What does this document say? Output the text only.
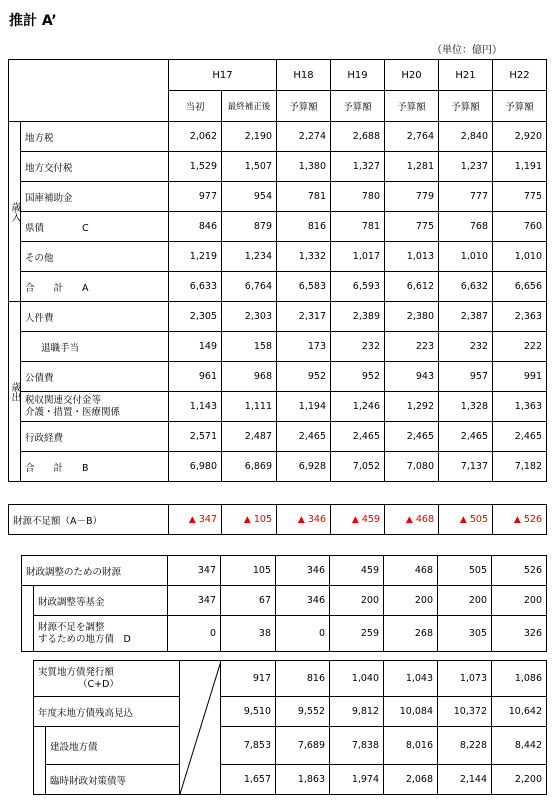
推計 A’
（単位：億円）
		H17		H18	H19	H20	H21	H22
		当初	最終補正後	予算額	予算額	予算額	予算額	予算額
歳入	地方税	2,062	2,190	2,274	2,688	2,764	2,840	2,920
	地方交付税	1,529	1,507	1,380	1,327	1,281	1,237	1,191
	国庫補助金	977	954	781	780	779	777	775
	県債　　　　C	846	879	816	781	775	768	760
	その他	1,219	1,234	1,332	1,017	1,013	1,010	1,010
	合　　計　　A	6,633	6,764	6,583	6,593	6,612	6,632	6,656
歳出	人件費	2,305	2,303	2,317	2,389	2,380	2,387	2,363
	退職手当	149	158	173	232	223	232	222
	公債費	961	968	952	952	943	957	991
	税収関連交付金等
介護・措置・医療関係	1,143	1,111	1,194	1,246	1,292	1,328	1,363
	行政経費	2,571	2,487	2,465	2,465	2,465	2,465	2,465
	合　　計　　B	6,980	6,869	6,928	7,052	7,080	7,137	7,182
財源不足額（A－B）	▲ 347	▲ 105	▲ 346	▲ 459	▲ 468	▲ 505	▲ 526
財政調整のための財源		347	105	346	459	468	505	526
	財政調整等基金	347	67	346	200	200	200	200
	財源不足を調整
するための地方債　D	0	38	0	259	268	305	326
実質地方債発行額
（C+D）			917	816	1,040	1,043	1,073	1,086
年度末地方債残高見込			9,510	9,552	9,812	10,084	10,372	10,642
	建設地方債		7,853	7,689	7,838	8,016	8,228	8,442
	臨時財政対策債等		1,657	1,863	1,974	2,068	2,144	2,200
